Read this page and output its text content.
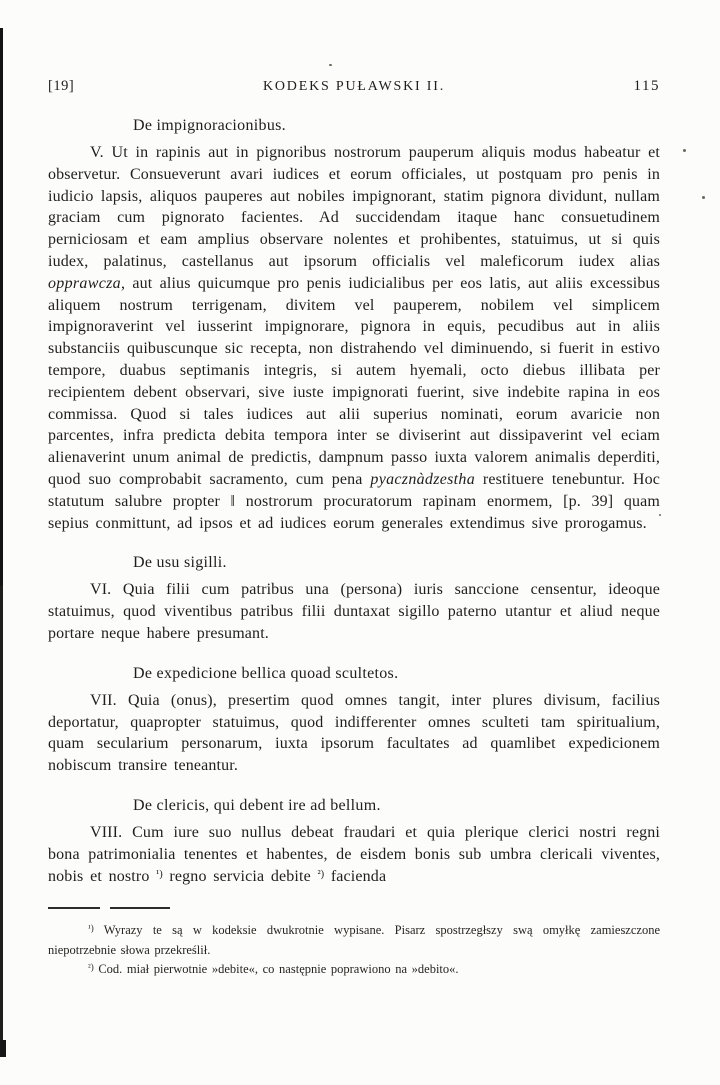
[19]	KODEKS PUŁAWSKI II.	115
De impignoracionibus.

V. Ut in rapinis aut in pignoribus nostrorum pauperum aliquis modus habeatur et observetur. Consueverunt avari iudices et eorum officiales, ut postquam pro penis in iudicio lapsis, aliquos pauperes aut nobiles impignorant, statim pignora dividunt, nullam graciam cum pignorato facientes. Ad succidendam itaque hanc consuetudinem perniciosam et eam amplius observare nolentes et prohibentes, statuimus, ut si quis iudex, palatinus, castellanus aut ipsorum officialis vel maleficorum iudex alias opprawcza, aut alius quicumque pro penis iudicialibus per eos latis, aut aliis excessibus aliquem nostrum terrigenam, divitem vel pauperem, nobilem vel simplicem impignoraverint vel iusserint impignorare, pignora in equis, pecudibus aut in aliis substanciis quibuscunque sic recepta, non distrahendo vel diminuendo, si fuerit in estivo tempore, duabus septimanis integris, si autem hyemali, octo diebus illibata per recipientem debent observari, sive iuste impignorati fuerint, sive indebite rapina in eos commissa. Quod si tales iudices aut alii superius nominati, eorum avaricie non parcentes, infra predicta debita tempora inter se diviserint aut dissipaverint vel eciam alienaverint unum animal de predictis, dampnum passo iuxta valorem animalis deperditi, quod suo comprobabit sacramento, cum pena pyacznàdzestha restituere tenebuntur. Hoc statutum salubre propter ‖ nostrorum procuratorum rapinam enormem, [p. 39] quam sepius conmittunt, ad ipsos et ad iudices eorum generales extendimus sive prorogamus.

De usu sigilli.

VI. Quia filii cum patribus una (persona) iuris sanccione censentur, ideoque statuimus, quod viventibus patribus filii duntaxat sigillo paterno utantur et aliud neque portare neque habere presumant.

De expedicione bellica quoad scultetos.

VII. Quia (onus), presertim quod omnes tangit, inter plures divisum, facilius deportatur, quapropter statuimus, quod indifferenter omnes sculteti tam spiritualium, quam secularium personarum, iuxta ipsorum facultates ad quamlibet expedicionem nobiscum transire teneantur.

De clericis, qui debent ire ad bellum.

VIII. Cum iure suo nullus debeat fraudari et quia plerique clerici nostri regni bona patrimonialia tenentes et habentes, de eisdem bonis sub umbra clericali viventes, nobis et nostro $^{^1)}$ regno servicia debite $^{^2)}$ facienda

$^{^1)}$ Wyrazy te są w kodeksie dwukrotnie wypisane. Pisarz spostrzegłszy swą omyłkę zamieszczone niepotrzebnie słowa przekreślił.

$^{^2)}$ Cod. miał pierwotnie »debite«, co następnie poprawiono na »debito«.
